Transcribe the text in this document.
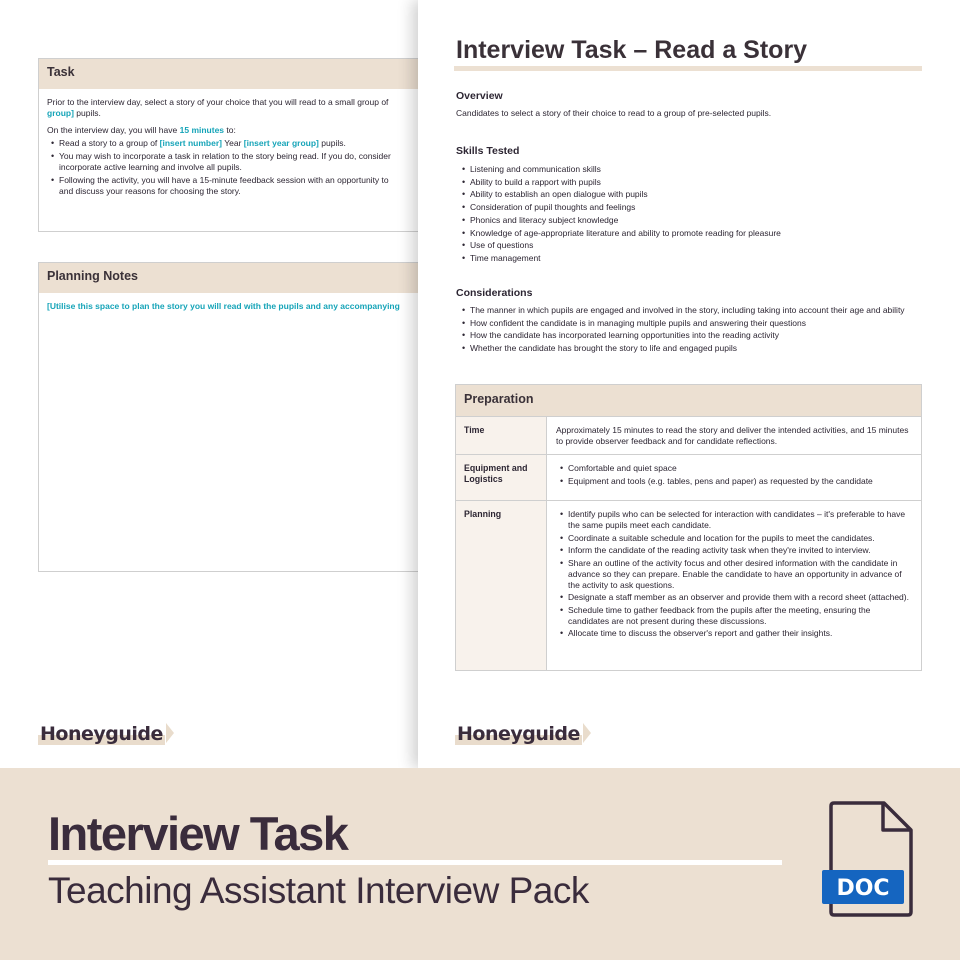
Task

Prior to the interview day, select a story of your choice that you will read to a small group of
group] pupils.

On the interview day, you will have 15 minutes to:

• Read a story to a group of [insert number] Year [insert year group] pupils.
• You may wish to incorporate a task in relation to the story being read. If you do, consider
incorporate active learning and involve all pupils.
• Following the activity, you will have a 15-minute feedback session with an opportunity to
and discuss your reasons for choosing the story.
Planning Notes

[Utilise this space to plan the story you will read with the pupils and any accompanying

Honeyguide
Interview Task – Read a Story
Overview
Candidates to select a story of their choice to read to a group of pre-selected pupils.
Skills Tested
• Listening and communication skills
• Ability to build a rapport with pupils
• Ability to establish an open dialogue with pupils
• Consideration of pupil thoughts and feelings
• Phonics and literacy subject knowledge
• Knowledge of age-appropriate literature and ability to promote reading for pleasure
• Use of questions
• Time management
Considerations
• The manner in which pupils are engaged and involved in the story, including taking into account their age and ability
• How confident the candidate is in managing multiple pupils and answering their questions
• How the candidate has incorporated learning opportunities into the reading activity
• Whether the candidate has brought the story to life and engaged pupils
Preparation
Time	Approximately 15 minutes to read the story and deliver the intended activities, and 15 minutes to provide observer feedback and for candidate reflections.
Equipment and Logistics
• Comfortable and quiet space
• Equipment and tools (e.g. tables, pens and paper) as requested by the candidate
Planning
•	Identify pupils who can be selected for interaction with candidates – it's preferable to have the same pupils meet each candidate.
• Coordinate a suitable schedule and location for the pupils to meet the candidates.
• Inform the candidate of the reading activity task when they're invited to interview.
• Share an outline of the activity focus and other desired information with the candidate in advance so they can prepare. Enable the candidate to have an opportunity in advance of the activity to ask questions.
• Designate a staff member as an observer and provide them with a record sheet (attached).
• Schedule time to gather feedback from the pupils after the meeting, ensuring the candidates are not present during these discussions.
• Allocate time to discuss the observer's report and gather their insights.
Honeyguide
Interview Task
Teaching Assistant Interview Pack	DOC
